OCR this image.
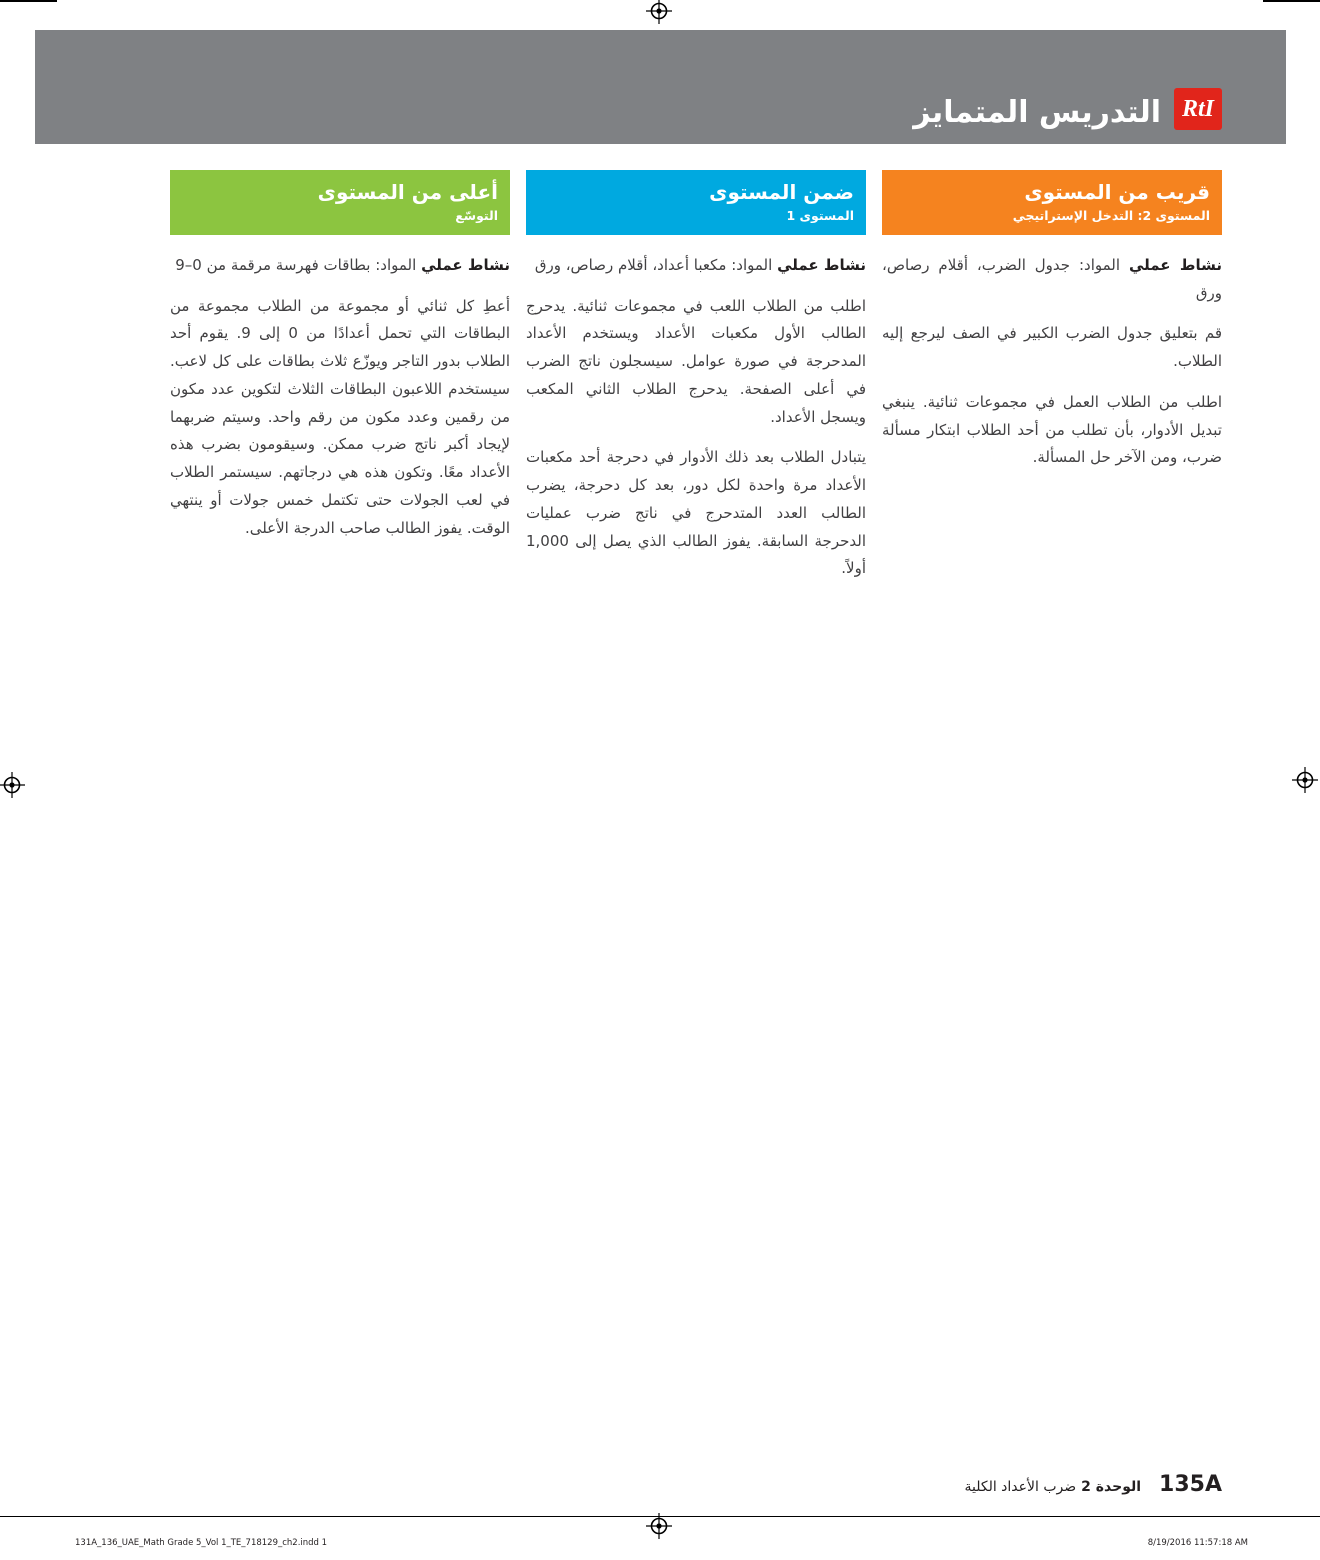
RtI
التدريس المتمايز
قريب من المستوى
المستوى 2: التدخل الإستراتيجي

نشاط عملي المواد: جدول الضرب، أقلام رصاص، ورق

قم بتعليق جدول الضرب الكبير في الصف ليرجع إليه الطلاب.

اطلب من الطلاب العمل في مجموعات ثنائية. ينبغي تبديل الأدوار، بأن تطلب من أحد الطلاب ابتكار مسألة ضرب، ومن الآخر حل المسألة.

ضمن المستوى
المستوى 1

نشاط عملي المواد: مكعبا أعداد، أقلام رصاص، ورق

اطلب من الطلاب اللعب في مجموعات ثنائية. يدحرج الطالب الأول مكعبات الأعداد ويستخدم الأعداد المدحرجة في صورة عوامل. سيسجلون ناتج الضرب في أعلى الصفحة. يدحرج الطلاب الثاني المكعب ويسجل الأعداد.

يتبادل الطلاب بعد ذلك الأدوار في دحرجة أحد مكعبات الأعداد مرة واحدة لكل دور، بعد كل دحرجة، يضرب الطالب العدد المتدحرج في ناتج ضرب عمليات الدحرجة السابقة. يفوز الطالب الذي يصل إلى 1,000 أولاً.

أعلى من المستوى
التوسّع

نشاط عملي المواد: بطاقات فهرسة مرقمة من 0–9

أعطِ كل ثنائي أو مجموعة من الطلاب مجموعة من البطاقات التي تحمل أعدادًا من 0 إلى 9. يقوم أحد الطلاب بدور التاجر ويوزّع ثلاث بطاقات على كل لاعب. سيستخدم اللاعبون البطاقات الثلاث لتكوين عدد مكون من رقمين وعدد مكون من رقم واحد. وسيتم ضربهما لإيجاد أكبر ناتج ضرب ممكن. وسيقومون بضرب هذه الأعداد معًا. وتكون هذه هي درجاتهم. سيستمر الطلاب في لعب الجولات حتى تكتمل خمس جولات أو ينتهي الوقت. يفوز الطالب صاحب الدرجة الأعلى.

135A
الوحدة 2ضرب الأعداد الكلية
131A_136_UAE_Math Grade 5_Vol 1_TE_718129_ch2.indd 1	8/19/2016 11:57:18 AM
